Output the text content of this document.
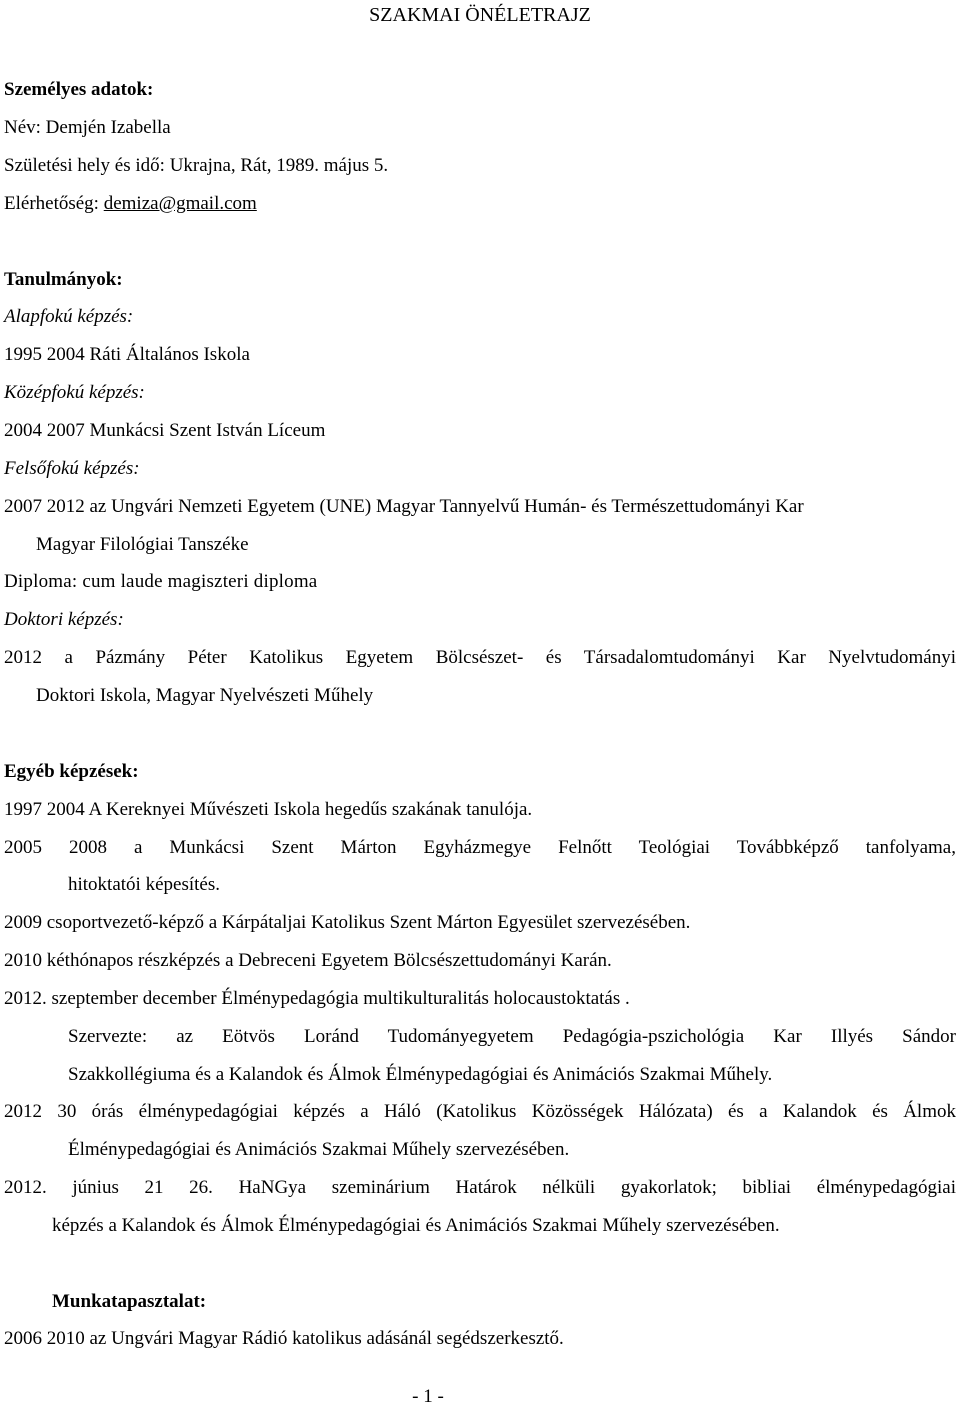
SZAKMAI ÖNÉLETRAJZ
Személyes adatok:
Név: Demjén Izabella
Születési hely és idő: Ukrajna, Rát, 1989. május 5.
Elérhetőség: demiza@gmail.com
Tanulmányok:
Alapfokú képzés:
1995 2004 Ráti Általános Iskola
Középfokú képzés:
2004 2007 Munkácsi Szent István Líceum
Felsőfokú képzés:
2007 2012 az Ungvári Nemzeti Egyetem (UNE) Magyar Tannyelvű Humán- és Természettudományi Kar
Magyar Filológiai Tanszéke
Diploma: cum laude magiszteri diploma
Doktori képzés:
2012 a Pázmány Péter Katolikus Egyetem Bölcsészet- és Társadalomtudományi Kar Nyelvtudományi
Doktori Iskola, Magyar Nyelvészeti Műhely
Egyéb képzések:
1997 2004 A Kereknyei Művészeti Iskola hegedűs szakának tanulója.
2005 2008 a Munkácsi Szent Márton Egyházmegye Felnőtt Teológiai Továbbképző tanfolyama,
hitoktatói képesítés.
2009 csoportvezető-képző a Kárpátaljai Katolikus Szent Márton Egyesület szervezésében.
2010 kéthónapos részképzés a Debreceni Egyetem Bölcsészettudományi Karán.
2012. szeptember december Élménypedagógia multikulturalitás holocaustoktatás .
Szervezte: az Eötvös Loránd Tudományegyetem Pedagógia-pszichológia Kar Illyés Sándor
Szakkollégiuma és a Kalandok és Álmok Élménypedagógiai és Animációs Szakmai Műhely.
2012 30 órás élménypedagógiai képzés a Háló (Katolikus Közösségek Hálózata) és a Kalandok és Álmok
Élménypedagógiai és Animációs Szakmai Műhely szervezésében.
2012. június 21 26. HaNGya szeminárium Határok nélküli gyakorlatok; bibliai élménypedagógiai
képzés a Kalandok és Álmok Élménypedagógiai és Animációs Szakmai Műhely szervezésében.
Munkatapasztalat:
2006 2010 az Ungvári Magyar Rádió katolikus adásánál segédszerkesztő.
- 1 -
